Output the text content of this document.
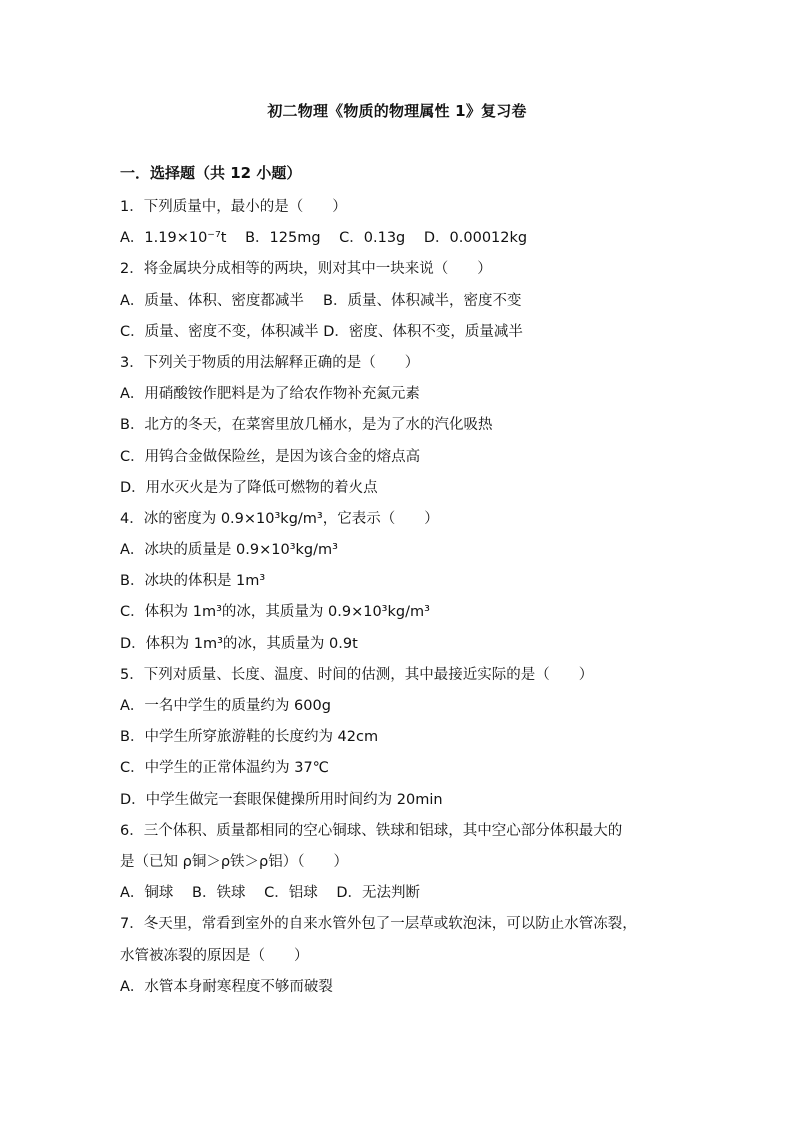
初二物理《物质的物理属性 1》复习卷
一．选择题（共 12 小题）
1．下列质量中，最小的是（　　）
A．1.19×10⁻⁷t B．125mg C．0.13g D．0.00012kg
2．将金属块分成相等的两块，则对其中一块来说（　　）
A．质量、体积、密度都减半　 B．质量、体积减半，密度不变
C．质量、密度不变，体积减半 D．密度、体积不变，质量减半
3．下列关于物质的用法解释正确的是（　　）
A．用硝酸铵作肥料是为了给农作物补充氮元素
B．北方的冬天，在菜窖里放几桶水，是为了水的汽化吸热
C．用钨合金做保险丝，是因为该合金的熔点高
D．用水灭火是为了降低可燃物的着火点
4．冰的密度为 0.9×10³kg/m³，它表示（　　）
A．冰块的质量是 0.9×10³kg/m³
B．冰块的体积是 1m³
C．体积为 1m³的冰，其质量为 0.9×10³kg/m³
D．体积为 1m³的冰，其质量为 0.9t
5．下列对质量、长度、温度、时间的估测，其中最接近实际的是（　　）
A．一名中学生的质量约为 600g
B．中学生所穿旅游鞋的长度约为 42cm
C．中学生的正常体温约为 37℃
D．中学生做完一套眼保健操所用时间约为 20min
6．三个体积、质量都相同的空心铜球、铁球和铝球，其中空心部分体积最大的
是（已知 ρ铜＞ρ铁＞ρ铝）（　　）
A．铜球 B．铁球 C．铝球 D．无法判断
7．冬天里，常看到室外的自来水管外包了一层草或软泡沫，可以防止水管冻裂，
水管被冻裂的原因是（　　）
A．水管本身耐寒程度不够而破裂
